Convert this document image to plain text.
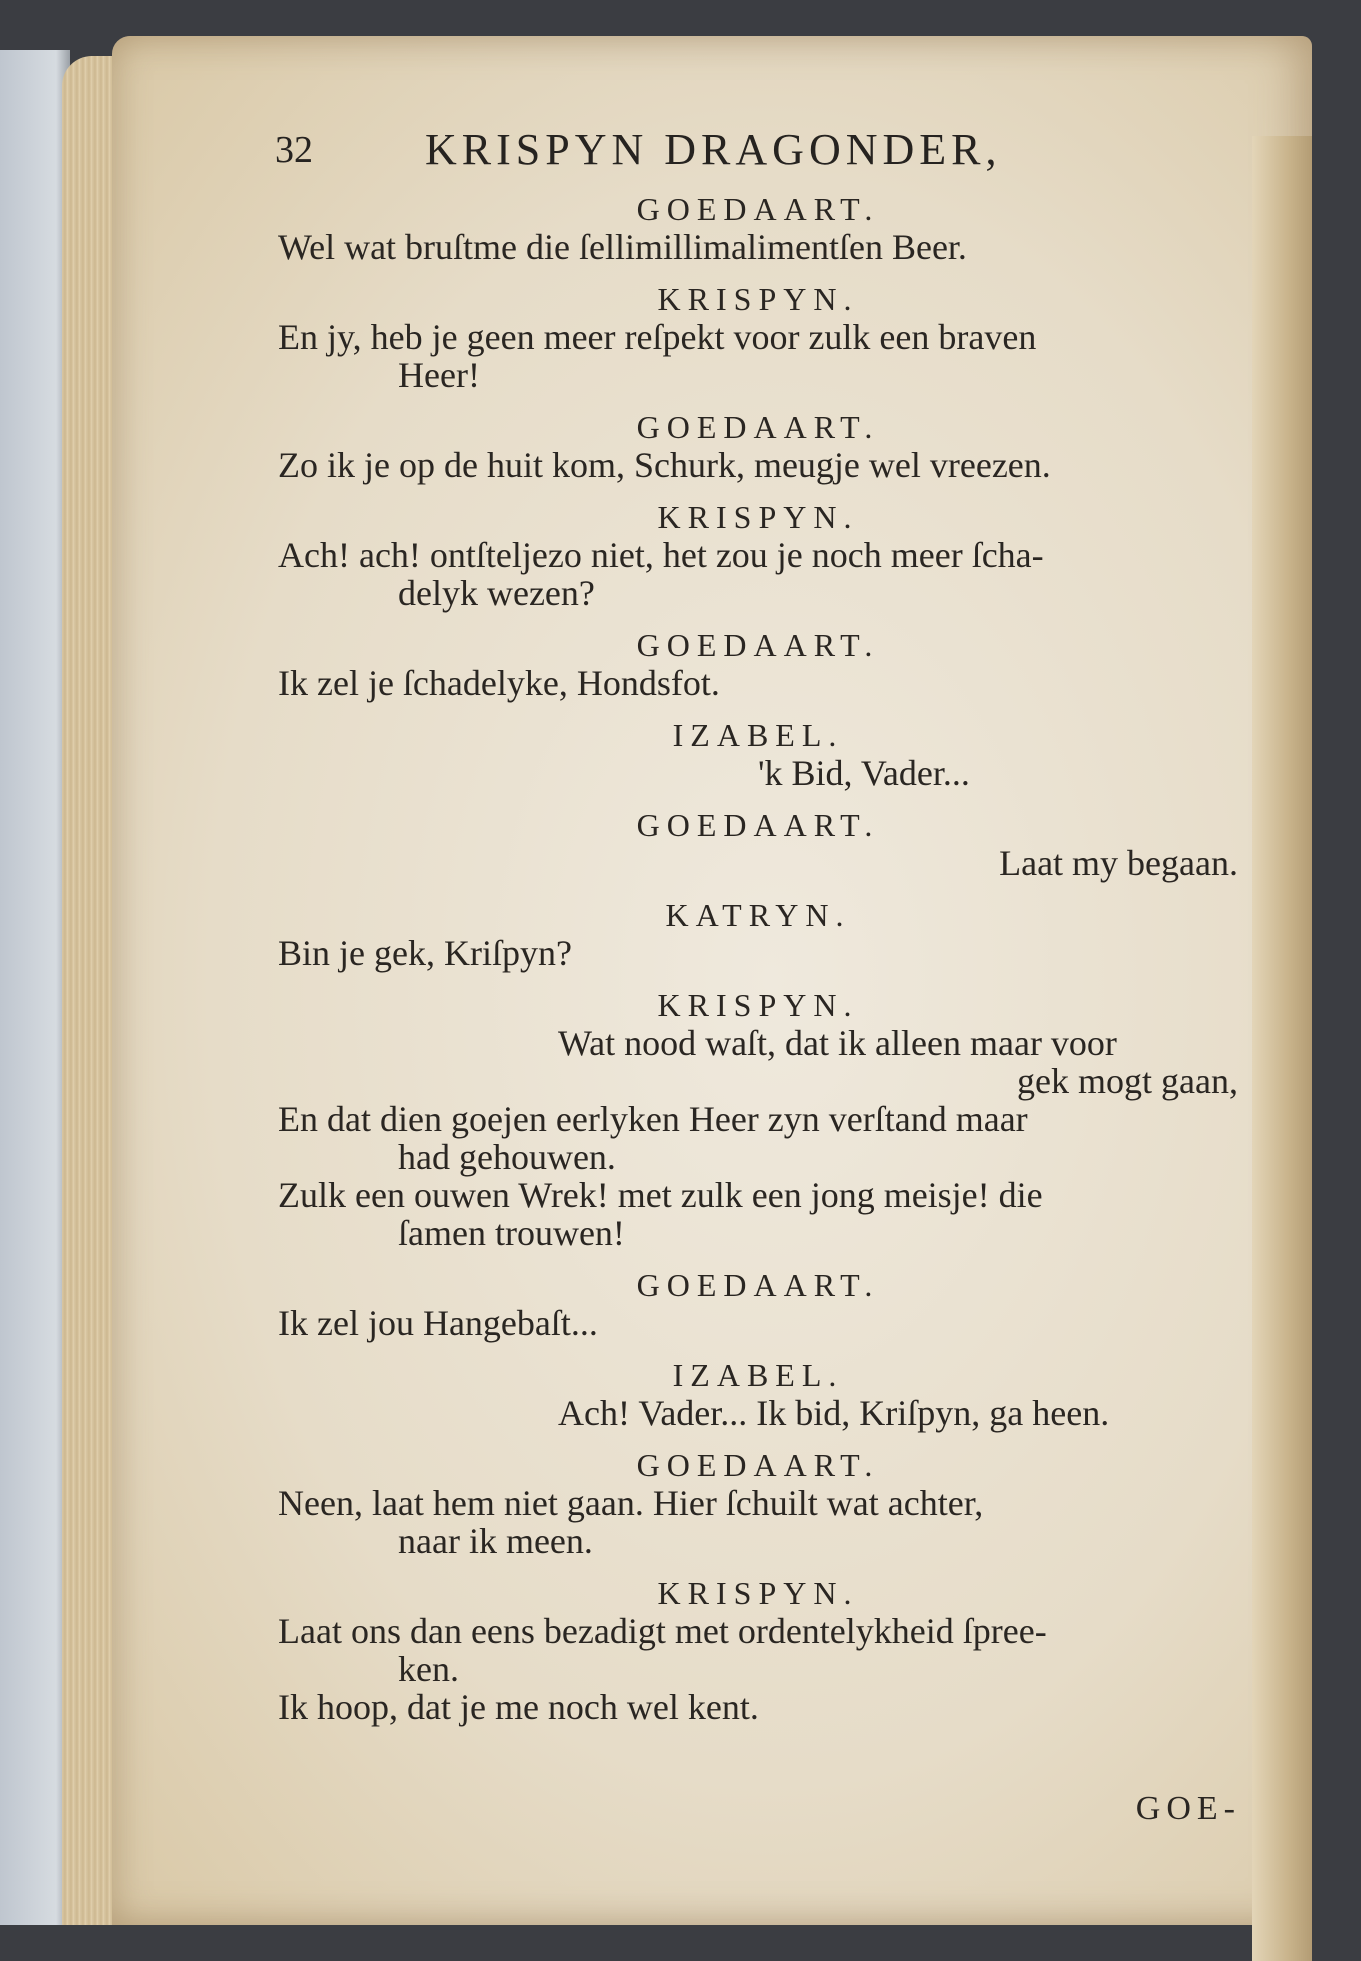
32	KRISPYN DRAGONDER,
GOEDAART.
Wel wat bruſtme die ſellimillimalimentſen Beer.
KRISPYN.
En jy, heb je geen meer reſpekt voor zulk een braven
Heer!
GOEDAART.
Zo ik je op de huit kom, Schurk, meugje wel vreezen.
KRISPYN.
Ach! ach! ontſteljezo niet, het zou je noch meer ſcha-
delyk wezen?
GOEDAART.
Ik zel je ſchadelyke, Hondsfot.
IZABEL.
'k Bid, Vader...
GOEDAART.
Laat my begaan.
KATRYN.
Bin je gek, Kriſpyn?
KRISPYN.
Wat nood waſt, dat ik alleen maar voor
gek mogt gaan,
En dat dien goejen eerlyken Heer zyn verſtand maar
had gehouwen.
Zulk een ouwen Wrek! met zulk een jong meisje! die
ſamen trouwen!
GOEDAART.
Ik zel jou Hangebaſt...
IZABEL.
Ach! Vader... Ik bid, Kriſpyn, ga heen.
GOEDAART.
Neen, laat hem niet gaan. Hier ſchuilt wat achter,
naar ik meen.
KRISPYN.
Laat ons dan eens bezadigt met ordentelykheid ſpree-
ken.
Ik hoop, dat je me noch wel kent.
GOE-
